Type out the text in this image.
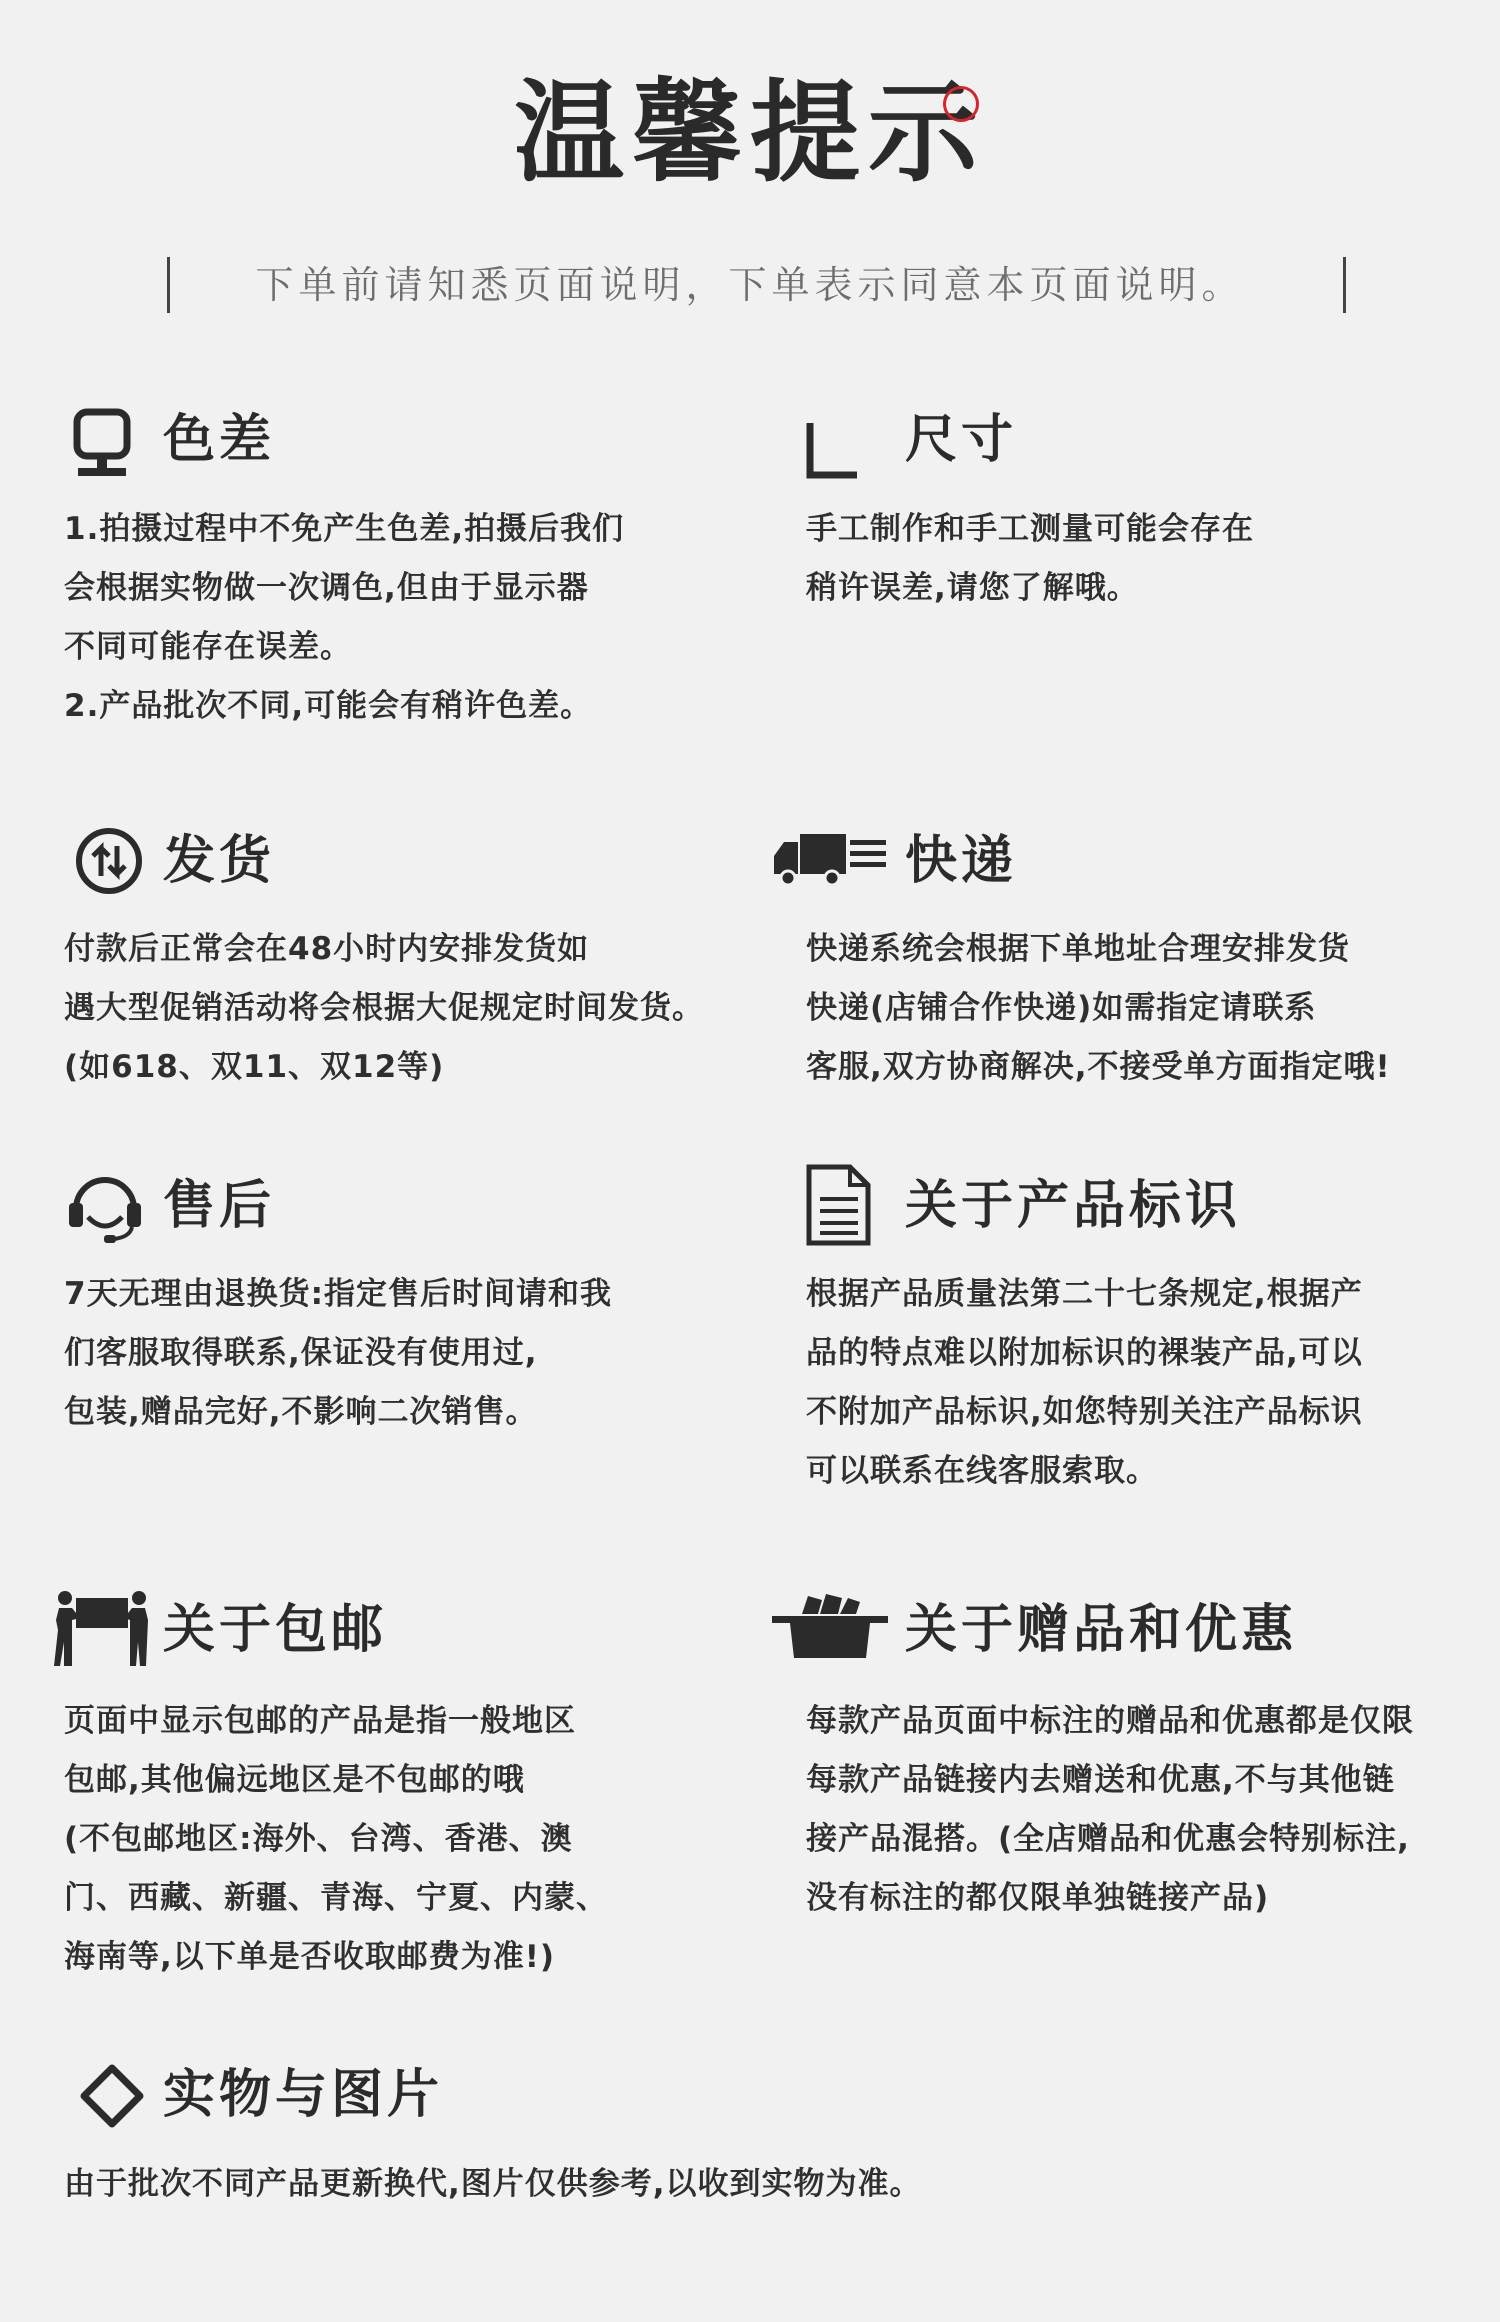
温馨提示
下单前请知悉页面说明，下单表示同意本页面说明。
色差
1.拍摄过程中不免产生色差,拍摄后我们
会根据实物做一次调色,但由于显示器
不同可能存在误差。
2.产品批次不同,可能会有稍许色差。
尺寸
手工制作和手工测量可能会存在
稍许误差,请您了解哦。
发货
付款后正常会在48小时内安排发货如
遇大型促销活动将会根据大促规定时间发货。
(如618、双11、双12等)
快递
快递系统会根据下单地址合理安排发货
快递(店铺合作快递)如需指定请联系
客服,双方协商解决,不接受单方面指定哦!
售后
7天无理由退换货:指定售后时间请和我
们客服取得联系,保证没有使用过,
包装,赠品完好,不影响二次销售。
关于产品标识
根据产品质量法第二十七条规定,根据产
品的特点难以附加标识的裸装产品,可以
不附加产品标识,如您特别关注产品标识
可以联系在线客服索取。
关于包邮
页面中显示包邮的产品是指一般地区
包邮,其他偏远地区是不包邮的哦
(不包邮地区:海外、台湾、香港、澳
门、西藏、新疆、青海、宁夏、内蒙、
海南等,以下单是否收取邮费为准!)
关于赠品和优惠
每款产品页面中标注的赠品和优惠都是仅限
每款产品链接内去赠送和优惠,不与其他链
接产品混搭。(全店赠品和优惠会特别标注,
没有标注的都仅限单独链接产品)
实物与图片
由于批次不同产品更新换代,图片仅供参考,以收到实物为准。
